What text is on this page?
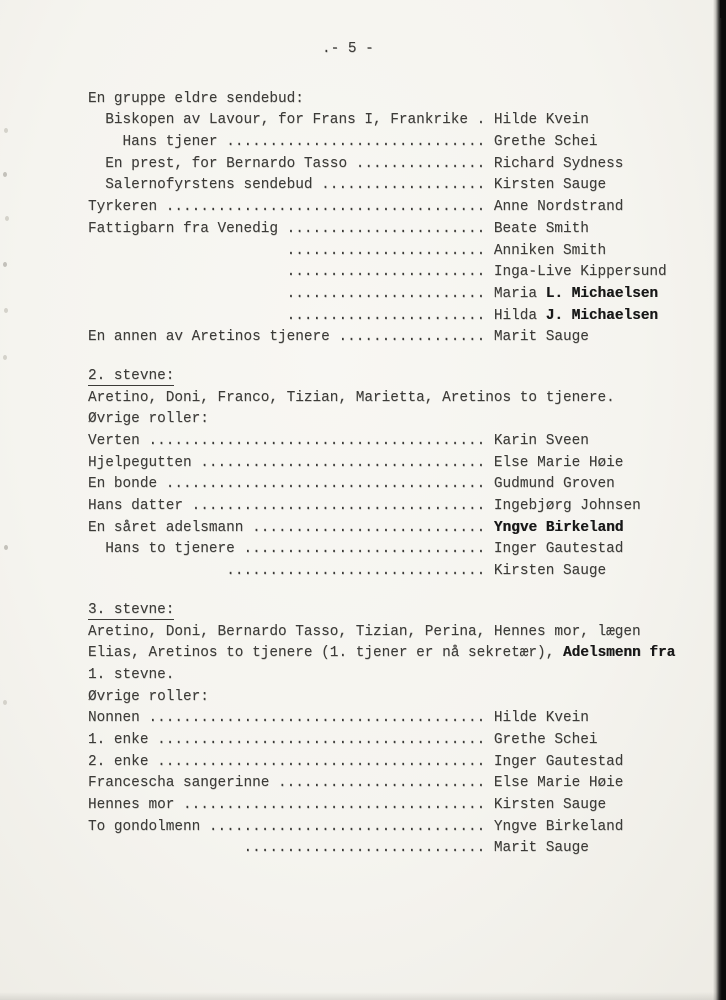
.- 5 -
En gruppe eldre sendebud:
Biskopen av Lavour, for Frans I, Frankrike . Hilde Kvein
Hans tjener .............................. Grethe Schei
En prest, for Bernardo Tasso ............... Richard Sydness
Salernofyrstens sendebud ................... Kirsten Sauge
Tyrkeren ..................................... Anne Nordstrand
Fattigbarn fra Venedig ....................... Beate Smith
....................... Anniken Smith
....................... Inga-Live Kippersund
....................... Maria L. Michaelsen
....................... Hilda J. Michaelsen
En annen av Aretinos tjenere ................. Marit Sauge
2. stevne:
Aretino, Doni, Franco, Tizian, Marietta, Aretinos to tjenere.
Øvrige roller:
Verten ....................................... Karin Sveen
Hjelpegutten ................................. Else Marie Høie
En bonde ..................................... Gudmund Groven
Hans datter .................................. Ingebjørg Johnsen
En såret adelsmann ........................... Yngve Birkeland
Hans to tjenere ............................ Inger Gautestad
.............................. Kirsten Sauge
3. stevne:
Aretino, Doni, Bernardo Tasso, Tizian, Perina, Hennes mor, lægen
Elias, Aretinos to tjenere (1. tjener er nå sekretær), Adelsmenn fra
1. stevne.
Øvrige roller:
Nonnen ....................................... Hilde Kvein
1. enke ...................................... Grethe Schei
2. enke ...................................... Inger Gautestad
Francescha sangerinne ........................ Else Marie Høie
Hennes mor ................................... Kirsten Sauge
To gondolmenn ................................ Yngve Birkeland
............................ Marit Sauge
